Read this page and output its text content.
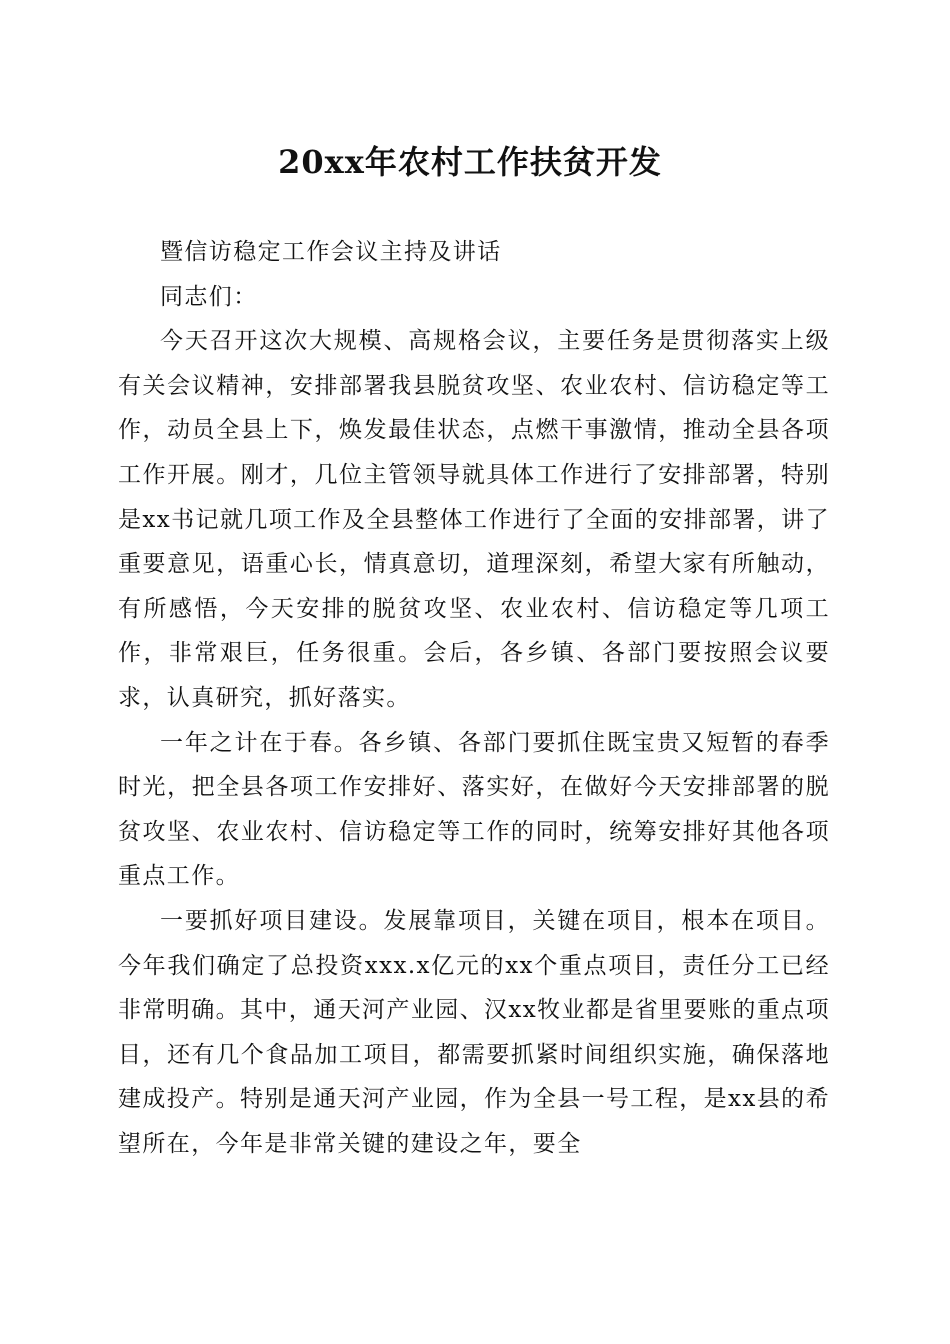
20xx年农村工作扶贫开发

暨信访稳定工作会议主持及讲话

同志们：

今天召开这次大规模、高规格会议，主要任务是贯彻落实上级有关会议精神，安排部署我县脱贫攻坚、农业农村、信访稳定等工作，动员全县上下，焕发最佳状态，点燃干事激情，推动全县各项工作开展。刚才，几位主管领导就具体工作进行了安排部署，特别是xx书记就几项工作及全县整体工作进行了全面的安排部署，讲了重要意见，语重心长，情真意切，道理深刻，希望大家有所触动，有所感悟，今天安排的脱贫攻坚、农业农村、信访稳定等几项工作，非常艰巨，任务很重。会后，各乡镇、各部门要按照会议要求，认真研究，抓好落实。

一年之计在于春。各乡镇、各部门要抓住既宝贵又短暂的春季时光，把全县各项工作安排好、落实好，在做好今天安排部署的脱贫攻坚、农业农村、信访稳定等工作的同时，统筹安排好其他各项重点工作。

一要抓好项目建设。发展靠项目，关键在项目，根本在项目。今年我们确定了总投资xxx.x亿元的xx个重点项目，责任分工已经非常明确。其中，通天河产业园、汉xx牧业都是省里要账的重点项目，还有几个食品加工项目，都需要抓紧时间组织实施，确保落地建成投产。特别是通天河产业园，作为全县一号工程，是xx县的希望所在，今年是非常关键的建设之年，要全
